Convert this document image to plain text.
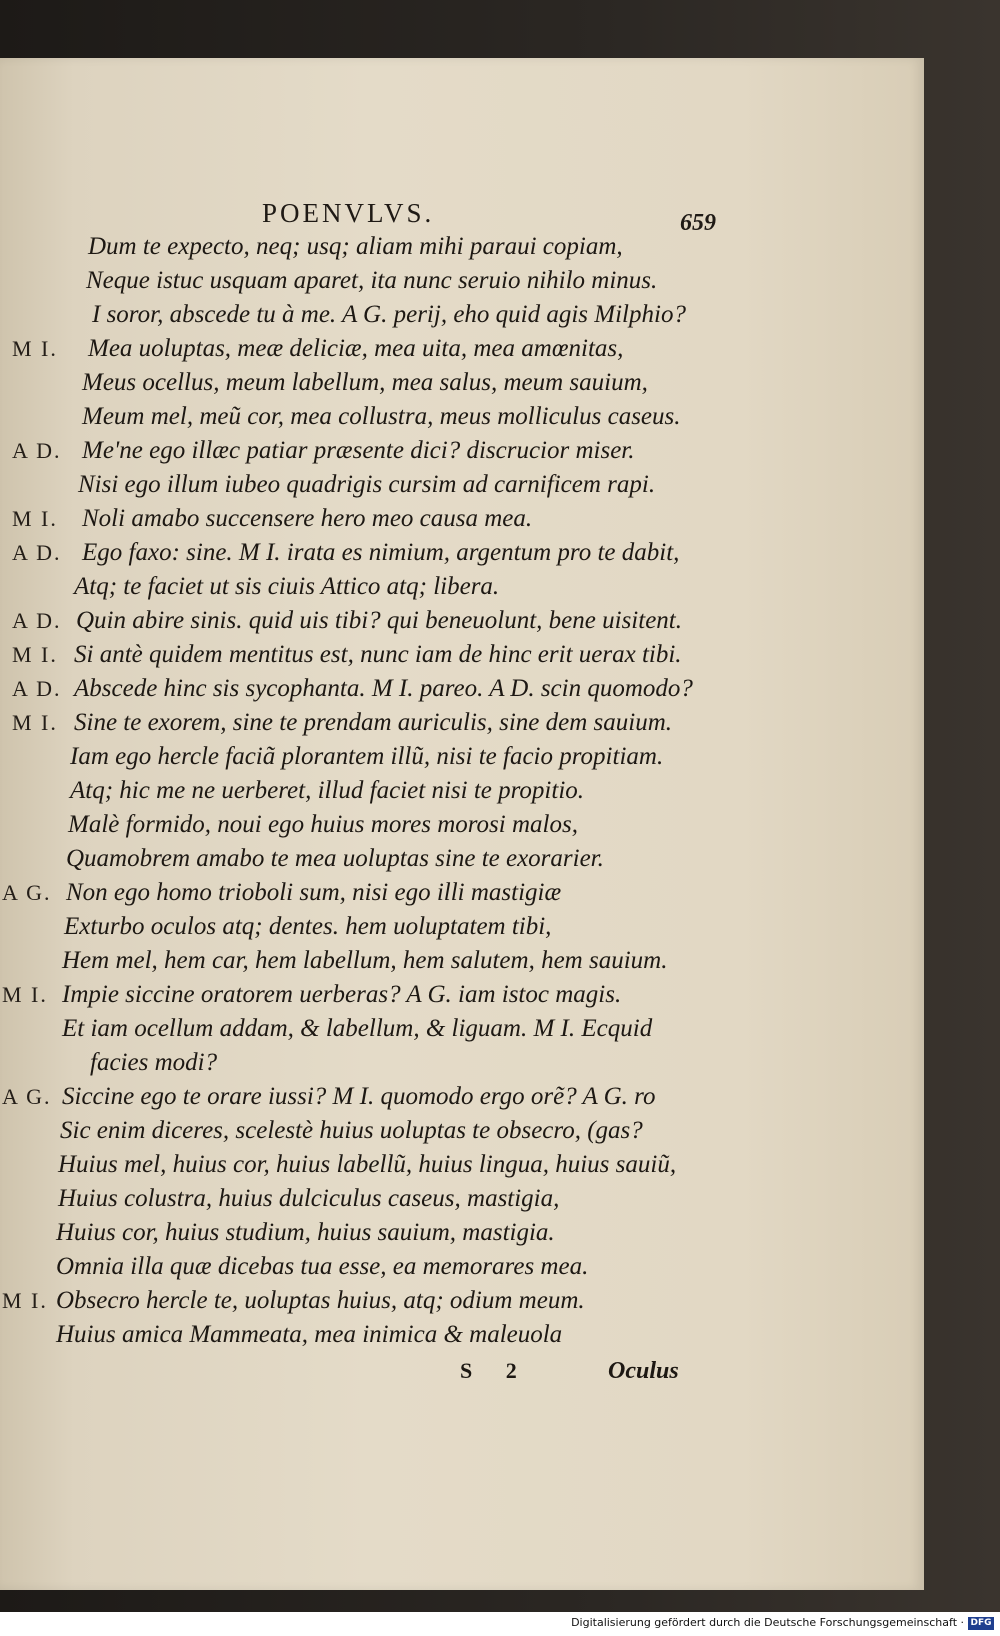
POENVLVS.	659
Dum te expecto, neq; usq; aliam mihi paraui copiam,
Neque istuc usquam aparet, ita nunc seruio nihilo minus.
I soror, abscede tu à me. A G. perij, eho quid agis Milphio?
M I. Mea uoluptas, meæ deliciæ, mea uita, mea amœnitas,
Meus ocellus, meum labellum, mea salus, meum sauium,
Meum mel, meũ cor, mea collustra, meus molliculus caseus.
A D. Me'ne ego illæc patiar præsente dici? discrucior miser.
Nisi ego illum iubeo quadrigis cursim ad carnificem rapi.
M I. Noli amabo succensere hero meo causa mea.
A D. Ego faxo: sine. M I. irata es nimium, argentum pro te dabit,
Atq; te faciet ut sis ciuis Attico atq; libera.
A D. Quin abire sinis. quid uis tibi? qui beneuolunt, bene uisitent.
M I. Si antè quidem mentitus est, nunc iam de hinc erit uerax tibi.
A D. Abscede hinc sis sycophanta. M I. pareo. A D. scin quomodo?
M I. Sine te exorem, sine te prendam auriculis, sine dem sauium.
Iam ego hercle faciã plorantem illũ, nisi te facio propitiam.
Atq; hic me ne uerberet, illud faciet nisi te propitio.
Malè formido, noui ego huius mores morosi malos,
Quamobrem amabo te mea uoluptas sine te exorarier.
A G. Non ego homo trioboli sum, nisi ego illi mastigiæ
Exturbo oculos atq; dentes. hem uoluptatem tibi,
Hem mel, hem car, hem labellum, hem salutem, hem sauium.
M I. Impie siccine oratorem uerberas? A G. iam istoc magis.
Et iam ocellum addam, & labellum, & liguam. M I. Ecquid
facies modi?
A G. Siccine ego te orare iussi? M I. quomodo ergo orẽ? A G. ro
Sic enim diceres, scelestè huius uoluptas te obsecro, (gas?
Huius mel, huius cor, huius labellũ, huius lingua, huius sauiũ,
Huius colustra, huius dulciculus caseus, mastigia,
Huius cor, huius studium, huius sauium, mastigia.
Omnia illa quæ dicebas tua esse, ea memorares mea.
M I. Obsecro hercle te, uoluptas huius, atq; odium meum.
Huius amica Mammeata, mea inimica & maleuola
S 2	Oculus
Digitalisierung gefördert durch die Deutsche Forschungsgemeinschaft · DFG
